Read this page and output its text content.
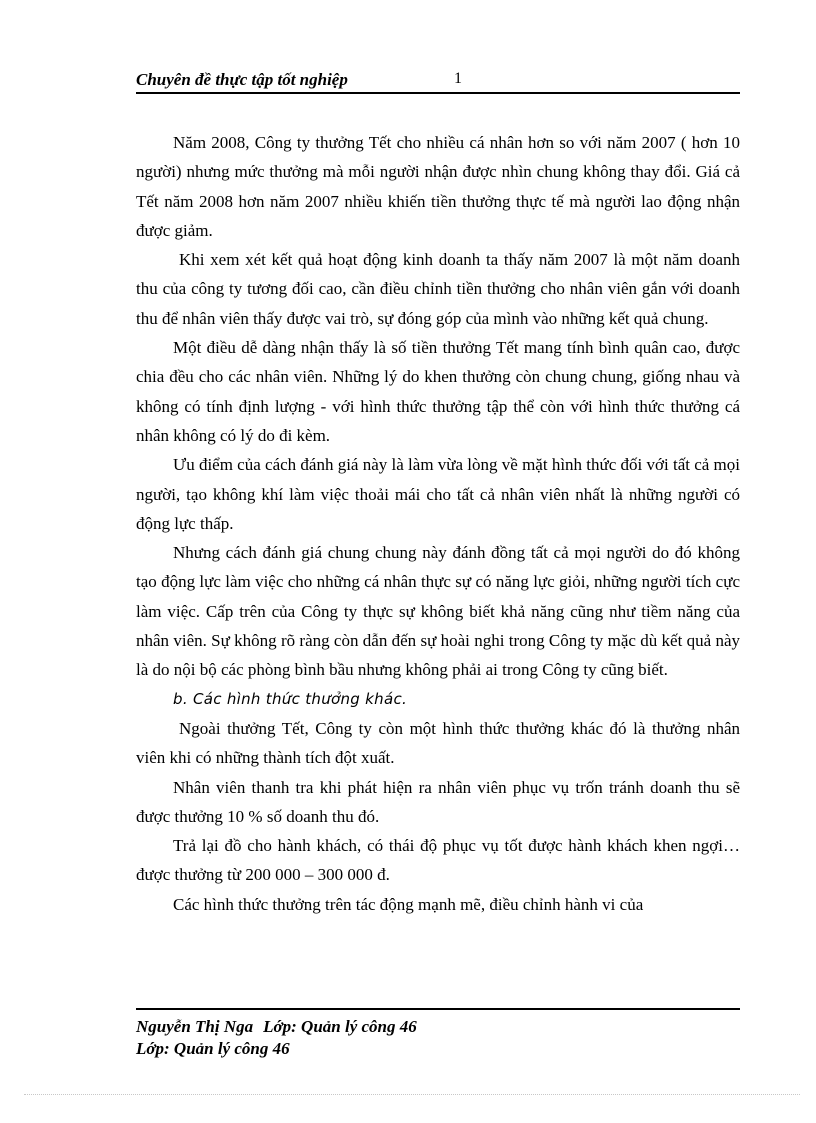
Chuyên đề thực tập tốt nghiệp	1

Năm 2008, Công ty thưởng Tết cho nhiều cá nhân hơn so với năm 2007 ( hơn 10 người) nhưng mức thưởng mà mỗi người nhận được nhìn chung không thay đổi. Giá cả Tết năm 2008 hơn năm 2007 nhiều khiến tiền thưởng thực tế mà người lao động nhận được giảm.

Khi xem xét kết quả hoạt động kinh doanh ta thấy năm 2007 là một năm doanh thu của công ty tương đối cao, cần điều chỉnh tiền thưởng cho nhân viên gắn với doanh thu để nhân viên thấy được vai trò, sự đóng góp của mình vào những kết quả chung.

Một điều dễ dàng nhận thấy là số tiền thưởng Tết mang tính bình quân cao, được chia đều cho các nhân viên. Những lý do khen thưởng còn chung chung, giống nhau và không có tính định lượng - với hình thức thưởng tập thể còn với hình thức thưởng cá nhân không có lý do đi kèm.

Ưu điểm của cách đánh giá này là làm vừa lòng về mặt hình thức đối với tất cả mọi người, tạo không khí làm việc thoải mái cho tất cả nhân viên nhất là những người có động lực thấp.

Nhưng cách đánh giá chung chung này đánh đồng tất cả mọi người do đó không tạo động lực làm việc cho những cá nhân thực sự có năng lực giỏi, những người tích cực làm việc. Cấp trên của Công ty thực sự không biết khả năng cũng như tiềm năng của nhân viên. Sự không rõ ràng còn dẫn đến sự hoài nghi trong Công ty mặc dù kết quả này là do nội bộ các phòng bình bầu nhưng không phải ai trong Công ty cũng biết.

b. Các hình thức thưởng khác.

Ngoài thưởng Tết, Công ty còn một hình thức thưởng khác đó là thưởng nhân viên khi có những thành tích đột xuất.

Nhân viên thanh tra khi phát hiện ra nhân viên phục vụ trốn tránh doanh thu sẽ được thưởng 10 % số doanh thu đó.

Trả lại đồ cho hành khách, có thái độ phục vụ tốt được hành khách khen ngợi…được thưởng từ 200 000 – 300 000 đ.

Các hình thức thưởng trên tác động mạnh mẽ, điều chỉnh hành vi của

Nguyễn Thị Nga Lớp: Quản lý công 46
Lớp: Quản lý công 46
